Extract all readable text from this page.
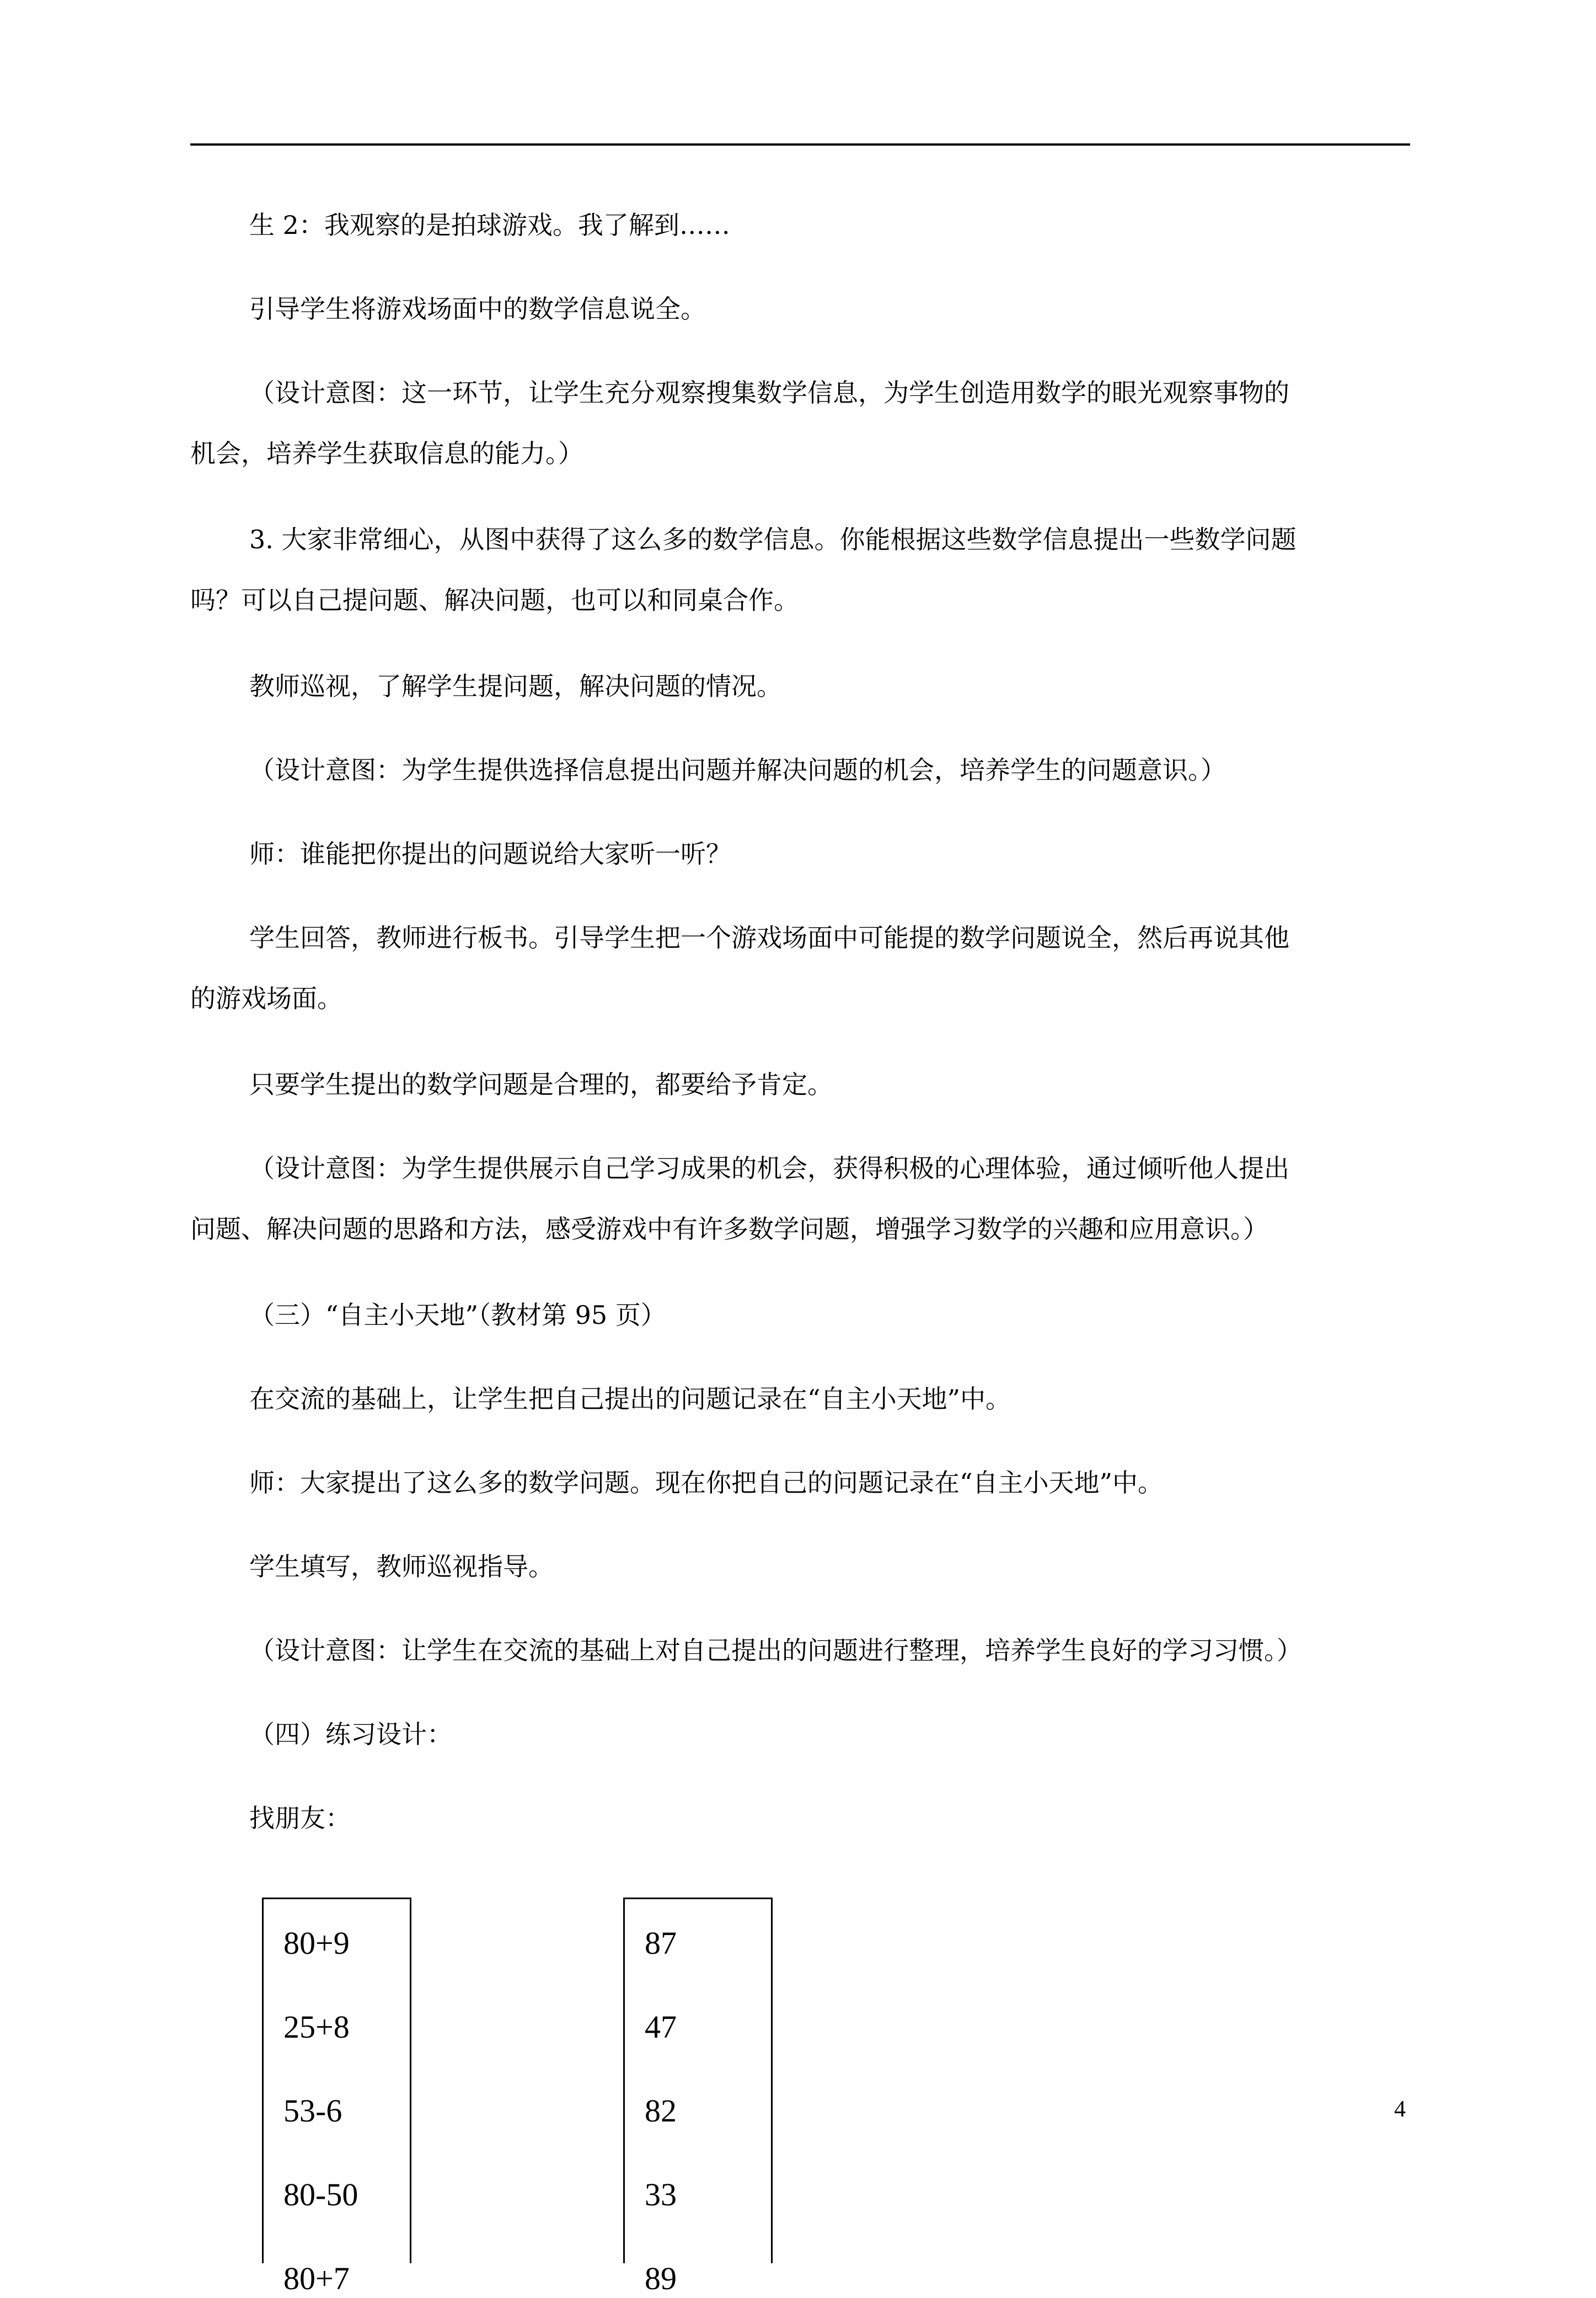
生 2：我观察的是拍球游戏。我了解到……
引导学生将游戏场面中的数学信息说全。
（设计意图：这一环节，让学生充分观察搜集数学信息，为学生创造用数学的眼光观察事物的
机会，培养学生获取信息的能力。）
3. 大家非常细心，从图中获得了这么多的数学信息。你能根据这些数学信息提出一些数学问题
吗？可以自己提问题、解决问题，也可以和同桌合作。
教师巡视，了解学生提问题，解决问题的情况。
（设计意图：为学生提供选择信息提出问题并解决问题的机会，培养学生的问题意识。）
师：谁能把你提出的问题说给大家听一听？
学生回答，教师进行板书。引导学生把一个游戏场面中可能提的数学问题说全，然后再说其他
的游戏场面。
只要学生提出的数学问题是合理的，都要给予肯定。
（设计意图：为学生提供展示自己学习成果的机会，获得积极的心理体验，通过倾听他人提出
问题、解决问题的思路和方法，感受游戏中有许多数学问题，增强学习数学的兴趣和应用意识。）
（三）“自主小天地”（教材第 95 页）
在交流的基础上，让学生把自己提出的问题记录在“自主小天地”中。
师：大家提出了这么多的数学问题。现在你把自己的问题记录在“自主小天地”中。
学生填写，教师巡视指导。
（设计意图：让学生在交流的基础上对自己提出的问题进行整理，培养学生良好的学习习惯。）
（四）练习设计：
找朋友：
80+9
25+8
53-6
80-50
80+7
87
47
82
33
89
4
